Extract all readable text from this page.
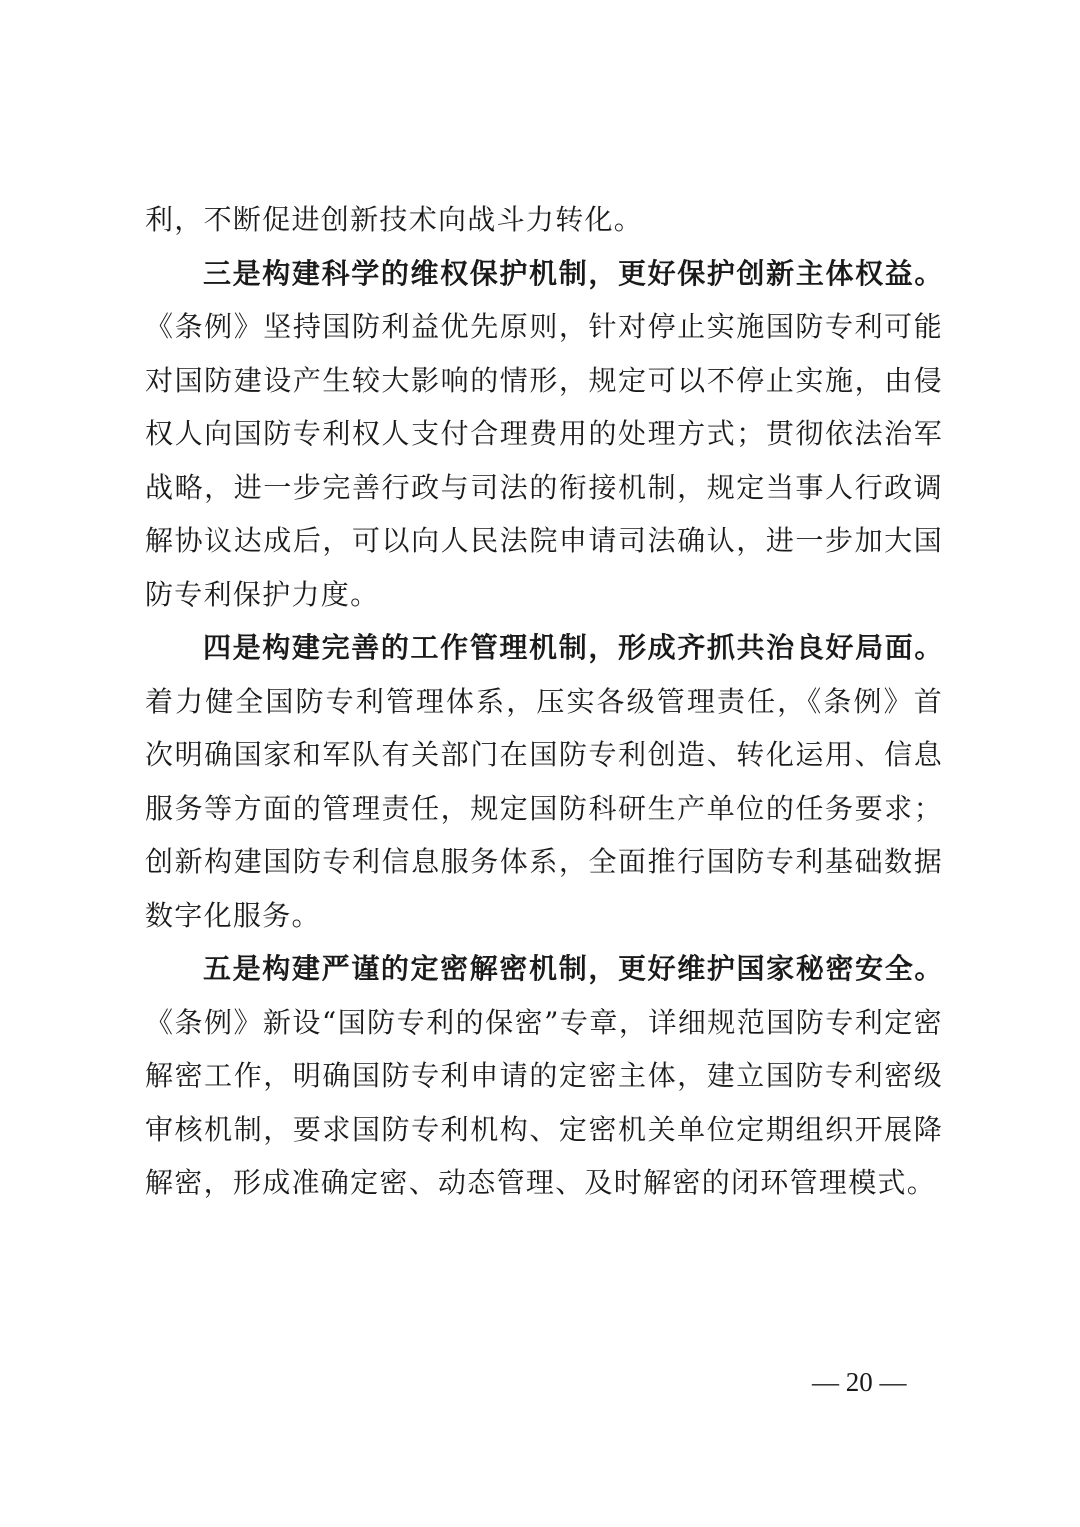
利，不断促进创新技术向战斗力转化。

三是构建科学的维权保护机制，更好保护创新主体权益。《条例》坚持国防利益优先原则，针对停止实施国防专利可能对国防建设产生较大影响的情形，规定可以不停止实施，由侵权人向国防专利权人支付合理费用的处理方式；贯彻依法治军战略，进一步完善行政与司法的衔接机制，规定当事人行政调解协议达成后，可以向人民法院申请司法确认，进一步加大国防专利保护力度。

四是构建完善的工作管理机制，形成齐抓共治良好局面。着力健全国防专利管理体系，压实各级管理责任，《条例》首次明确国家和军队有关部门在国防专利创造、转化运用、信息服务等方面的管理责任，规定国防科研生产单位的任务要求；创新构建国防专利信息服务体系，全面推行国防专利基础数据数字化服务。

五是构建严谨的定密解密机制，更好维护国家秘密安全。《条例》新设“国防专利的保密”专章，详细规范国防专利定密解密工作，明确国防专利申请的定密主体，建立国防专利密级审核机制，要求国防专利机构、定密机关单位定期组织开展降解密，形成准确定密、动态管理、及时解密的闭环管理模式。

— 20 —
